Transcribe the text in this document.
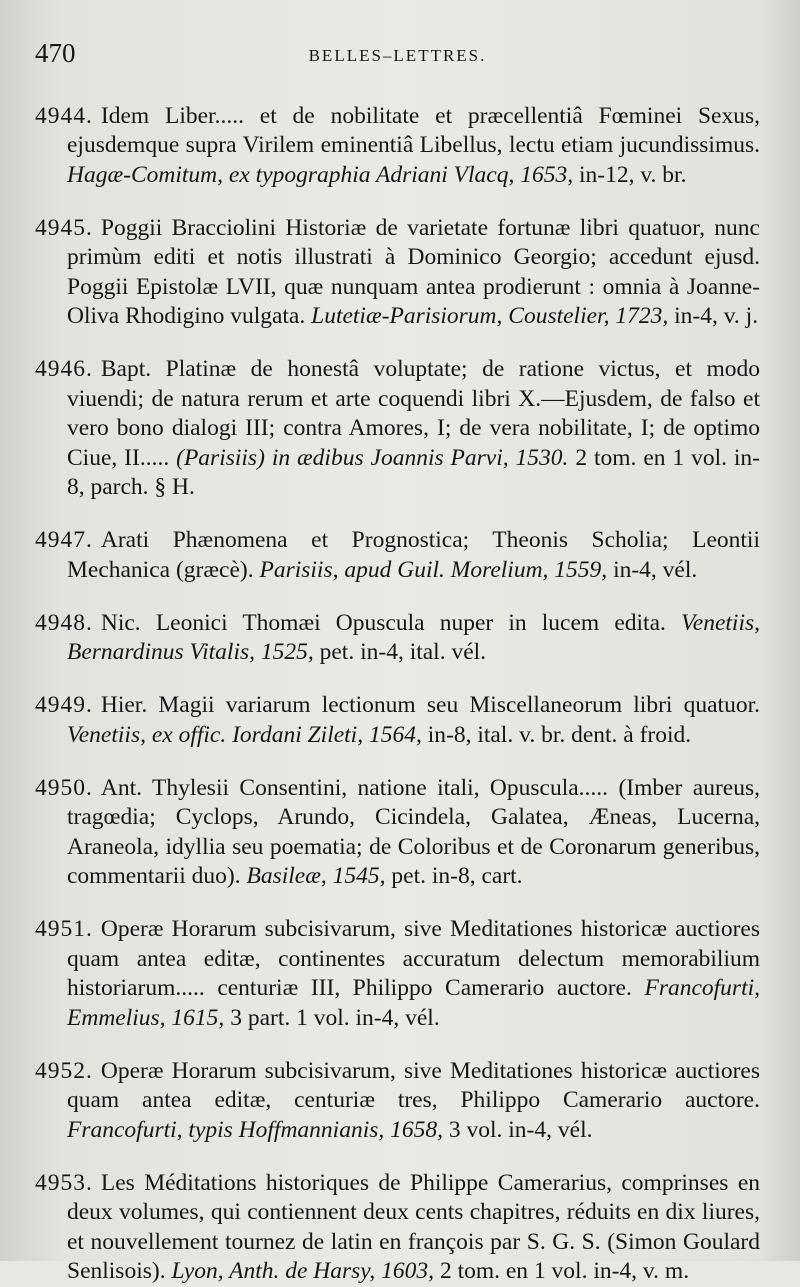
470	BELLES–LETTRES.

4944. Idem Liber..... et de nobilitate et præcellentiâ Fœminei Sexus, ejusdemque supra Virilem eminentiâ Libellus, lectu etiam jucundissimus. Hagæ-Comitum, ex typographia Adriani Vlacq, 1653, in-12, v. br.

4945. Poggii Bracciolini Historiæ de varietate fortunæ libri quatuor, nunc primùm editi et notis illustrati à Dominico Georgio; accedunt ejusd. Poggii Epistolæ LVII, quæ nunquam antea prodierunt : omnia à Joanne-Oliva Rhodigino vulgata. Lutetiæ-Parisiorum, Coustelier, 1723, in-4, v. j.

4946. Bapt. Platinæ de honestâ voluptate; de ratione victus, et modo viuendi; de natura rerum et arte coquendi libri X.—Ejusdem, de falso et vero bono dialogi III; contra Amores, I; de vera nobilitate, I; de optimo Ciue, II..... (Parisiis) in ædibus Joannis Parvi, 1530. 2 tom. en 1 vol. in-8, parch. § H.

4947. Arati Phænomena et Prognostica; Theonis Scholia; Leontii Mechanica (græcè). Parisiis, apud Guil. Morelium, 1559, in-4, vél.

4948. Nic. Leonici Thomæi Opuscula nuper in lucem edita. Venetiis, Bernardinus Vitalis, 1525, pet. in-4, ital. vél.

4949. Hier. Magii variarum lectionum seu Miscellaneorum libri quatuor. Venetiis, ex offic. Iordani Zileti, 1564, in-8, ital. v. br. dent. à froid.

4950. Ant. Thylesii Consentini, natione itali, Opuscula..... (Imber aureus, tragœdia; Cyclops, Arundo, Cicindela, Galatea, Æneas, Lucerna, Araneola, idyllia seu poematia; de Coloribus et de Coronarum generibus, commentarii duo). Basileæ, 1545, pet. in-8, cart.

4951. Operæ Horarum subcisivarum, sive Meditationes historicæ auctiores quam antea editæ, continentes accuratum delectum memorabilium historiarum..... centuriæ III, Philippo Camerario auctore. Francofurti, Emmelius, 1615, 3 part. 1 vol. in-4, vél.

4952. Operæ Horarum subcisivarum, sive Meditationes historicæ auctiores quam antea editæ, centuriæ tres, Philippo Camerario auctore. Francofurti, typis Hoffmannianis, 1658, 3 vol. in-4, vél.

4953. Les Méditations historiques de Philippe Camerarius, comprinses en deux volumes, qui contiennent deux cents chapitres, réduits en dix liures, et nouvellement tournez de latin en françois par S. G. S. (Simon Goulard Senlisois). Lyon, Anth. de Harsy, 1603, 2 tom. en 1 vol. in-4, v. m.
